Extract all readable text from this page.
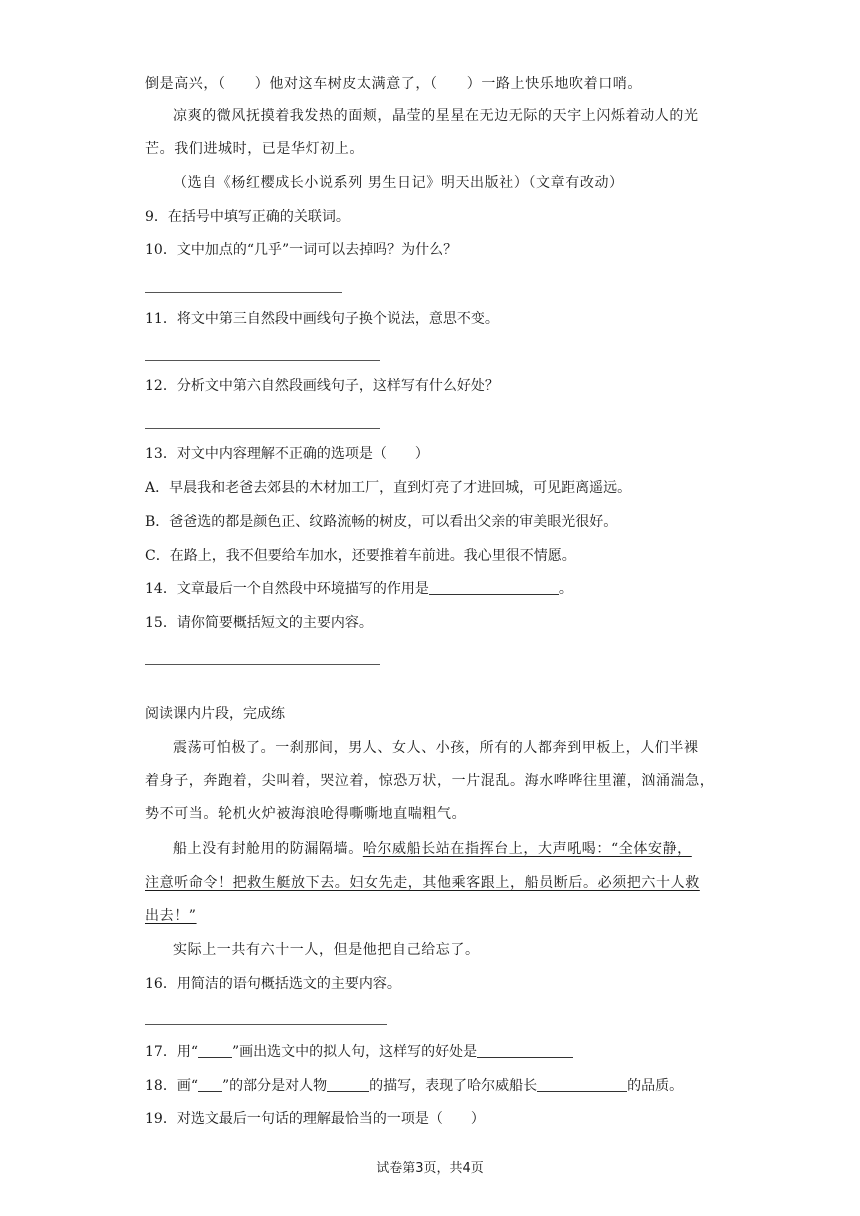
倒是高兴，（　　）他对这车树皮太满意了，（　　）一路上快乐地吹着口哨。
凉爽的微风抚摸着我发热的面颊，晶莹的星星在无边无际的天宇上闪烁着动人的光
芒。我们进城时，已是华灯初上。
（选自《杨红樱成长小说系列 男生日记》明天出版社）（文章有改动）
9．在括号中填写正确的关联词。
10．文中加点的“几乎”一词可以去掉吗？为什么？
11．将文中第三自然段中画线句子换个说法，意思不变。
12．分析文中第六自然段画线句子，这样写有什么好处？
13．对文中内容理解不正确的选项是（　　）
A．早晨我和老爸去郊县的木材加工厂，直到灯亮了才进回城，可见距离遥远。
B．爸爸选的都是颜色正、纹路流畅的树皮，可以看出父亲的审美眼光很好。
C．在路上，我不但要给车加水，还要推着车前进。我心里很不情愿。
14．文章最后一个自然段中环境描写的作用是	。
15．请你简要概括短文的主要内容。
阅读课内片段，完成练
震荡可怕极了。一刹那间，男人、女人、小孩，所有的人都奔到甲板上，人们半裸
着身子，奔跑着，尖叫着，哭泣着，惊恐万状，一片混乱。海水哗哗往里灌，汹涌湍急，
势不可当。轮机火炉被海浪呛得嘶嘶地直喘粗气。
船上没有封舱用的防漏隔墙。哈尔威船长站在指挥台上，大声吼喝：“全体安静，
注意听命令！把救生艇放下去。妇女先走，其他乘客跟上，船员断后。必须把六十人救
出去！”
实际上一共有六十一人，但是他把自己给忘了。
16．用简洁的语句概括选文的主要内容。
17．用“ ”画出选文中的拟人句，这样写的好处是
18．画“ ”的部分是对人物	的描写，表现了哈尔威船长	的品质。
19．对选文最后一句话的理解最恰当的一项是（　　）
试卷第3页，共4页
